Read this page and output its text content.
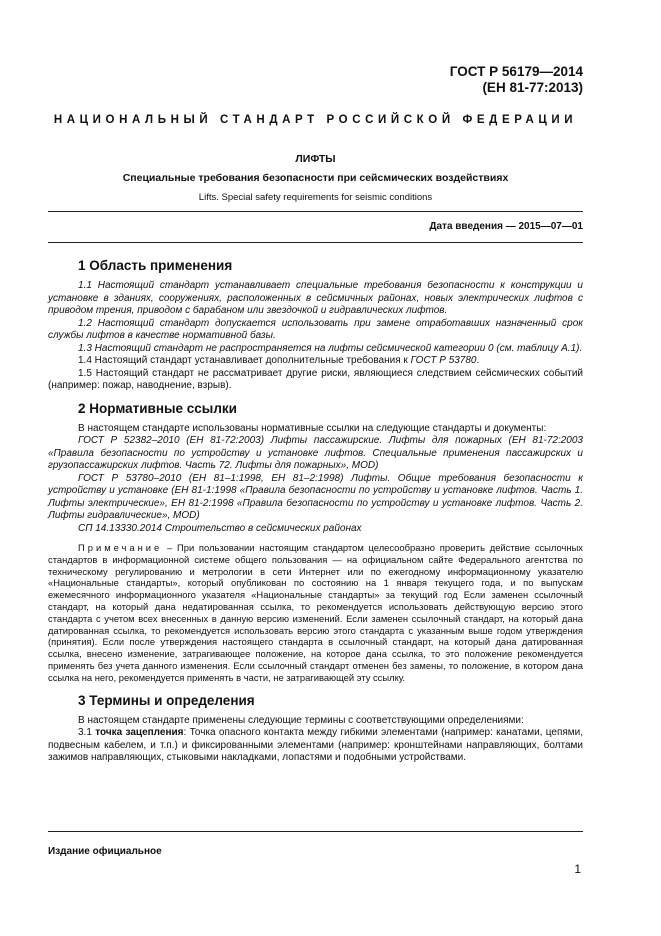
ГОСТ Р 56179—2014
(ЕН 81-77:2013)
НАЦИОНАЛЬНЫЙ СТАНДАРТ РОССИЙСКОЙ ФЕДЕРАЦИИ
ЛИФТЫ
Специальные требования безопасности при сейсмических воздействиях
Lifts. Special safety requirements for seismic conditions
Дата введения — 2015—07—01
1 Область применения

1.1 Настоящий стандарт устанавливает специальные требования безопасности к конструкции и установке в зданиях, сооружениях, расположенных в сейсмичных районах, новых электрических лифтов с приводом трения, приводом с барабаном или звездочкой и гидравлических лифтов.

1.2 Настоящий стандарт допускается использовать при замене отработавших назначенный срок службы лифтов в качестве нормативной базы.

1.3 Настоящий стандарт не распространяется на лифты сейсмической категории 0 (см. таблицу А.1).

1.4 Настоящий стандарт устанавливает дополнительные требования к ГОСТ Р 53780.

1.5 Настоящий стандарт не рассматривает другие риски, являющиеся следствием сейсмических событий (например: пожар, наводнение, взрыв).

2 Нормативные ссылки

В настоящем стандарте использованы нормативные ссылки на следующие стандарты и документы:

ГОСТ Р 52382–2010 (ЕН 81-72:2003) Лифты пассажирские. Лифты для пожарных (ЕН 81-72:2003 «Правила безопасности по устройству и установке лифтов. Специальные применения пассажирских и грузопассажирских лифтов. Часть 72. Лифты для пожарных», MOD)

ГОСТ Р 53780–2010 (ЕН 81–1:1998, ЕН 81–2:1998) Лифты. Общие требования безопасности к устройству и установке (ЕН 81-1:1998 «Правила безопасности по устройству и установке лифтов. Часть 1. Лифты электрические», ЕН 81-2:1998 «Правила безопасности по устройству и установке лифтов. Часть 2. Лифты гидравлические», MOD)

СП 14.13330.2014 Строительство в сейсмических районах

Примечание – При пользовании настоящим стандартом целесообразно проверить действие ссылочных стандартов в информационной системе общего пользования — на официальном сайте Федерального агентства по техническому регулированию и метрологии в сети Интернет или по ежегодному информационному указателю «Национальные стандарты», который опубликован по состоянию на 1 января текущего года, и по выпускам ежемесячного информационного указателя «Национальные стандарты» за текущий год Если заменен ссылочный стандарт, на который дана недатированная ссылка, то рекомендуется использовать действующую версию этого стандарта с учетом всех внесенных в данную версию изменений. Если заменен ссылочный стандарт, на который дана датированная ссылка, то рекомендуется использовать версию этого стандарта с указанным выше годом утверждения (принятия). Если после утверждения настоящего стандарта в ссылочный стандарт, на который дана датированная ссылка, внесено изменение, затрагивающее положение, на которое дана ссылка, то это положение рекомендуется применять без учета данного изменения. Если ссылочный стандарт отменен без замены, то положение, в котором дана ссылка на него, рекомендуется применять в части, не затрагивающей эту ссылку.

3 Термины и определения

В настоящем стандарте применены следующие термины с соответствующими определениями:

3.1 точка зацепления: Точка опасного контакта между гибкими элементами (например: канатами, цепями, подвесным кабелем, и т.п.) и фиксированными элементами (например: кронштейнами направляющих, болтами зажимов направляющих, стыковыми накладками, лопастями и подобными устройствами.

Издание официальное
1
